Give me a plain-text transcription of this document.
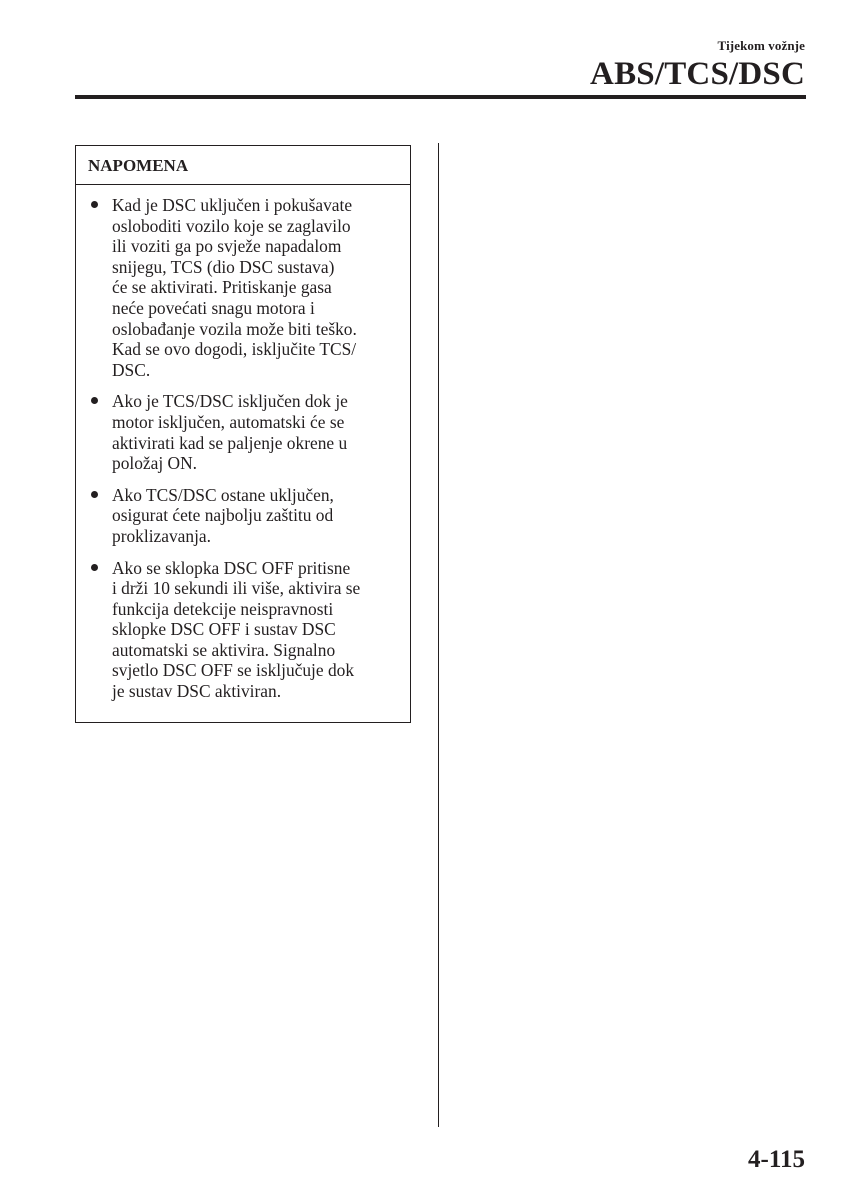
Tijekom vožnje
ABS/TCS/DSC
NAPOMENA
Kad je DSC uključen i pokušavate
osloboditi vozilo koje se zaglavilo
ili voziti ga po svježe napadalom
snijegu, TCS (dio DSC sustava)
će se aktivirati. Pritiskanje gasa
neće povećati snagu motora i
oslobađanje vozila može biti teško.
Kad se ovo dogodi, isključite TCS/
DSC.
Ako je TCS/DSC isključen dok je
motor isključen, automatski će se
aktivirati kad se paljenje okrene u
položaj ON.
Ako TCS/DSC ostane uključen,
osigurat ćete najbolju zaštitu od
proklizavanja.
Ako se sklopka DSC OFF pritisne
i drži 10 sekundi ili više, aktivira se
funkcija detekcije neispravnosti
sklopke DSC OFF i sustav DSC
automatski se aktivira. Signalno
svjetlo DSC OFF se isključuje dok
je sustav DSC aktiviran.
4-115
